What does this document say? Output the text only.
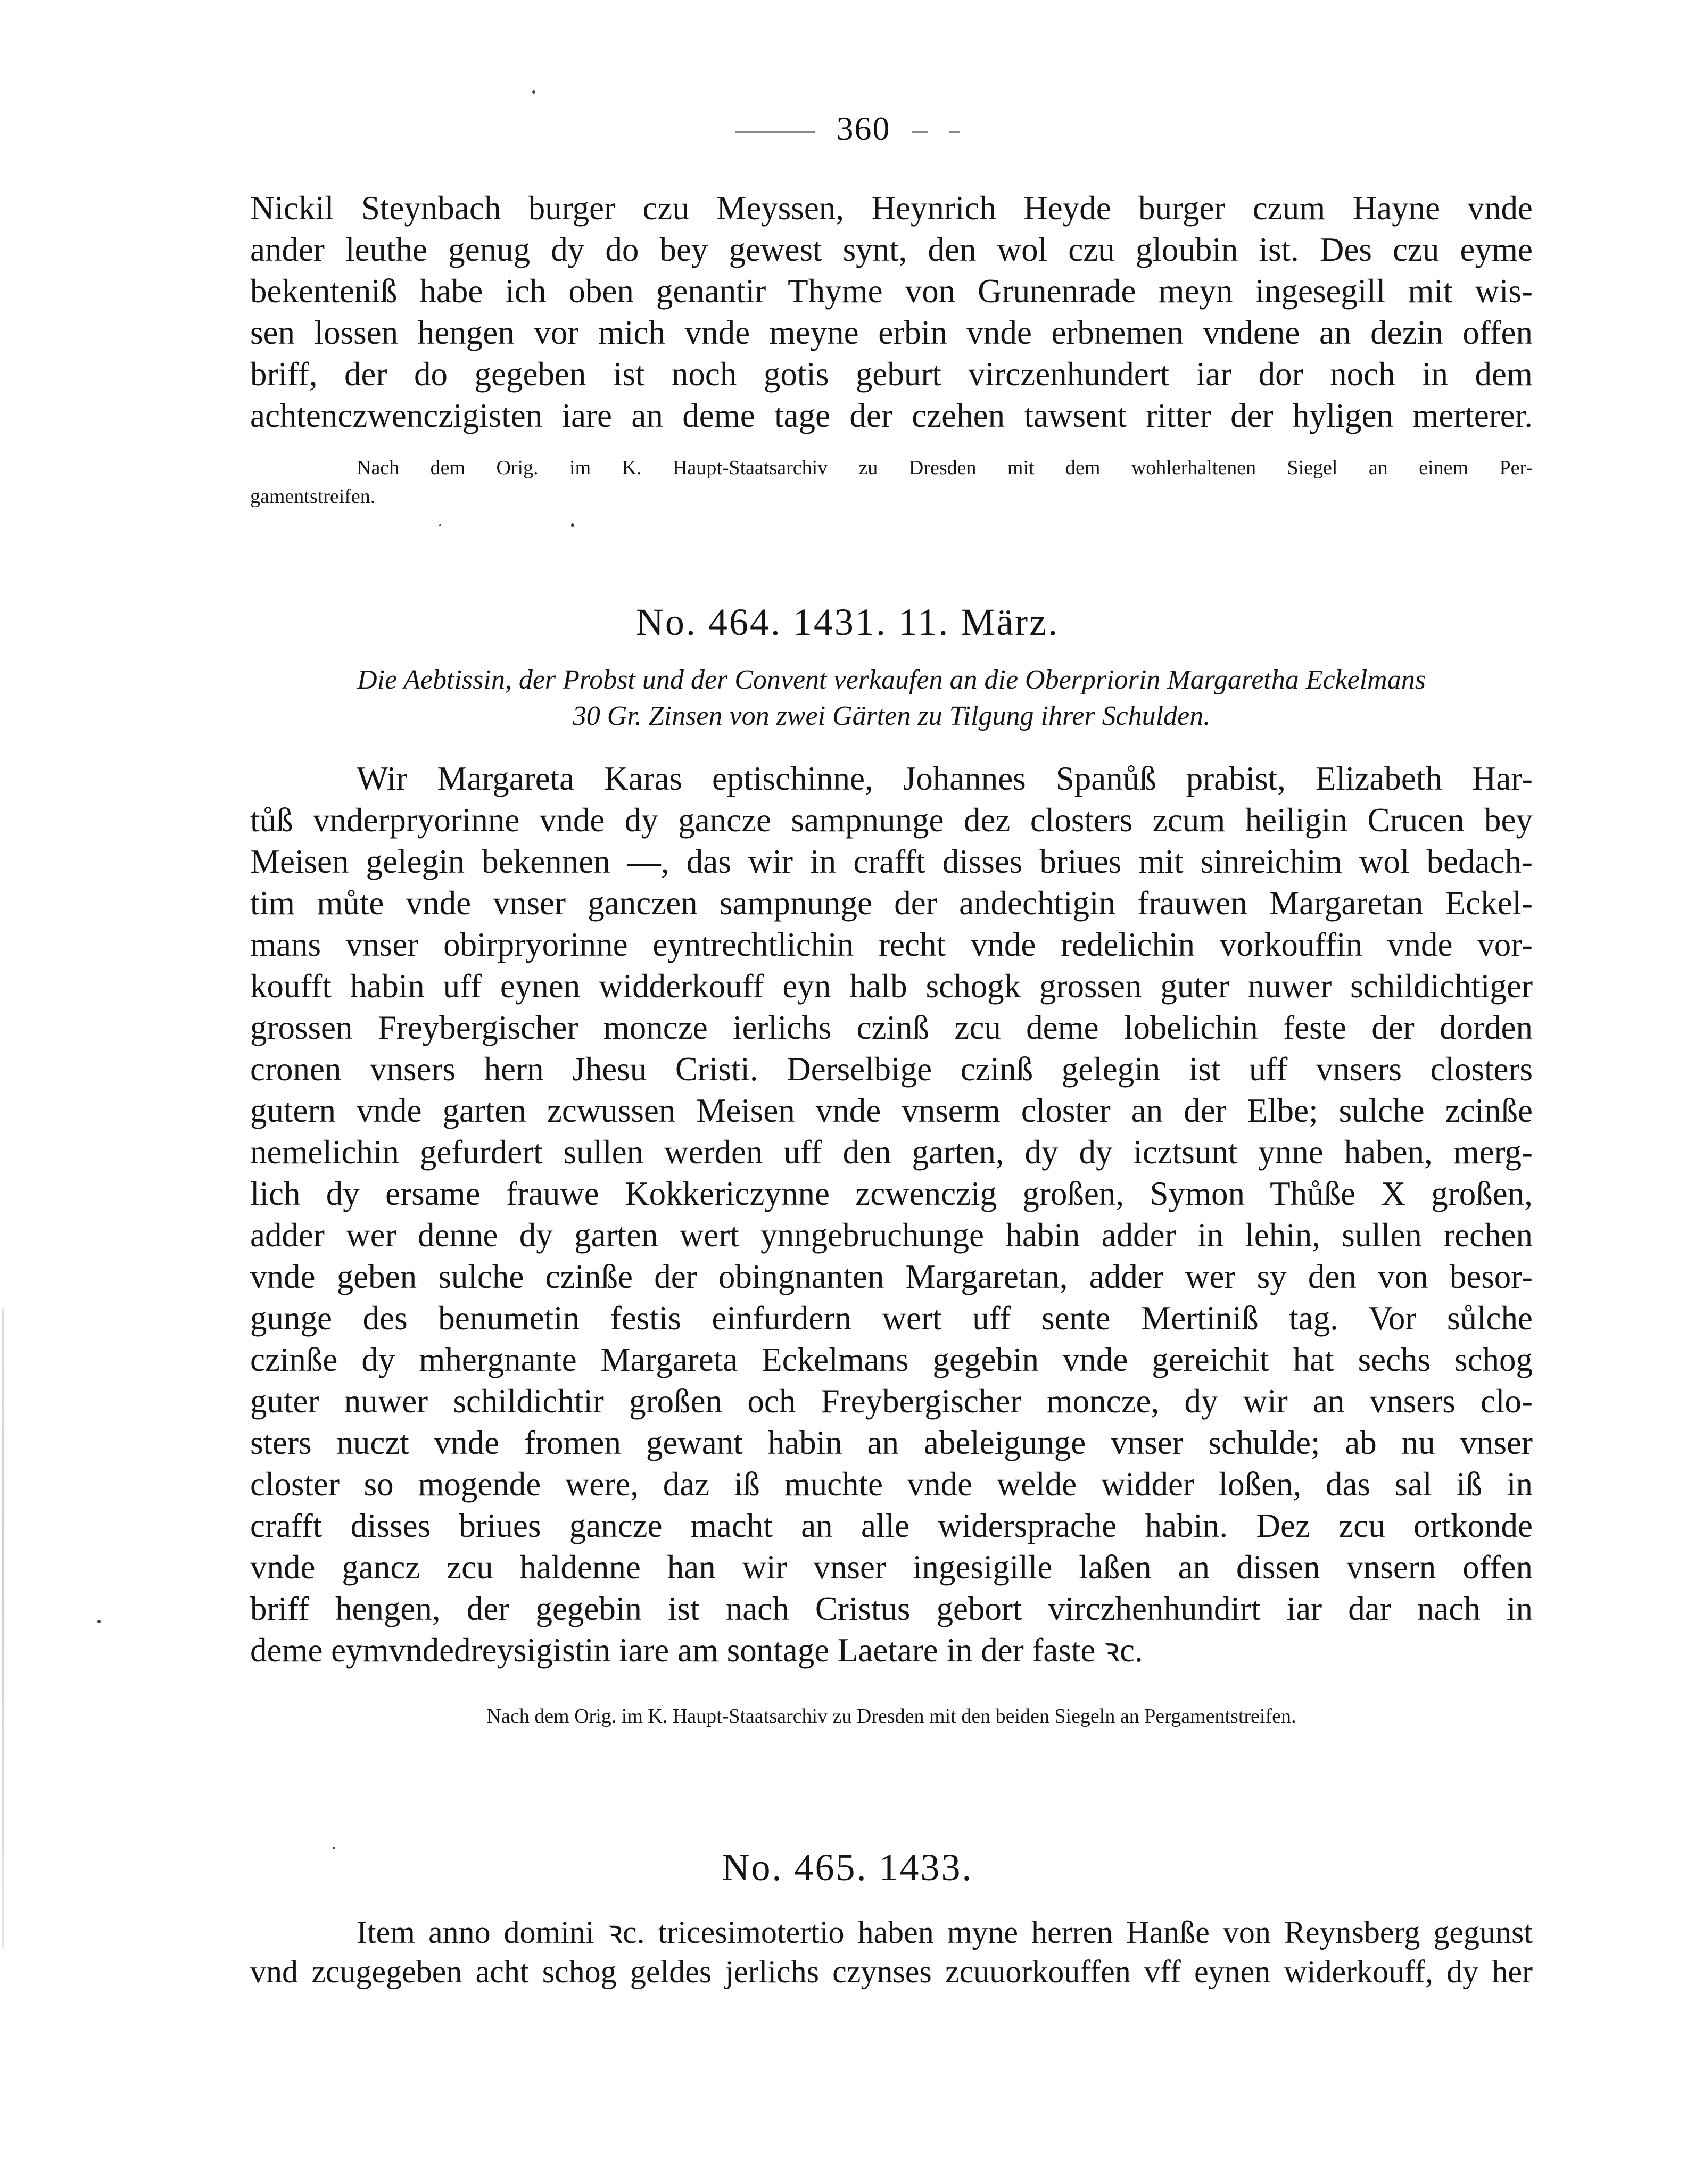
360

Nickil Steynbach burger czu Meyssen, Heynrich Heyde burger czum Hayne vnde
ander leuthe genug dy do bey gewest synt, den wol czu gloubin ist. Des czu eyme
bekenteniß habe ich oben genantir Thyme von Grunenrade meyn ingesegill mit wis-
sen lossen hengen vor mich vnde meyne erbin vnde erbnemen vndene an dezin offen
briff, der do gegeben ist noch gotis geburt virczenhundert iar dor noch in dem
achtenczwenczigisten iare an deme tage der czehen tawsent ritter der hyligen merterer.

Nach dem Orig. im K. Haupt-Staatsarchiv zu Dresden mit dem wohlerhaltenen Siegel an einem Per-
gamentstreifen.

No. 464. 1431. 11. März.

Die Aebtissin, der Probst und der Convent verkaufen an die Oberpriorin Margaretha Eckelmans
30 Gr. Zinsen von zwei Gärten zu Tilgung ihrer Schulden.

Wir Margareta Karas eptischinne, Johannes Spanůß prabist, Elizabeth Har-
tůß vnderpryorinne vnde dy gancze sampnunge dez closters zcum heiligin Crucen bey
Meisen gelegin bekennen —, das wir in crafft disses briues mit sinreichim wol bedach-
tim můte vnde vnser ganczen sampnunge der andechtigin frauwen Margaretan Eckel-
mans vnser obirpryorinne eyntrechtlichin recht vnde redelichin vorkouffin vnde vor-
koufft habin uff eynen widderkouff eyn halb schogk grossen guter nuwer schildichtiger
grossen Freybergischer moncze ierlichs czinß zcu deme lobelichin feste der dorden
cronen vnsers hern Jhesu Cristi. Derselbige czinß gelegin ist uff vnsers closters
gutern vnde garten zcwussen Meisen vnde vnserm closter an der Elbe; sulche zcinße
nemelichin gefurdert sullen werden uff den garten, dy dy icztsunt ynne haben, merg-
lich dy ersame frauwe Kokkericzynne zcwenczig großen, Symon Thůße X großen,
adder wer denne dy garten wert ynngebruchunge habin adder in lehin, sullen rechen
vnde geben sulche czinße der obingnanten Margaretan, adder wer sy den von besor-
gunge des benumetin festis einfurdern wert uff sente Mertiniß tag. Vor sůlche
czinße dy mhergnante Margareta Eckelmans gegebin vnde gereichit hat sechs schog
guter nuwer schildichtir großen och Freybergischer moncze, dy wir an vnsers clo-
sters nuczt vnde fromen gewant habin an abeleigunge vnser schulde; ab nu vnser
closter so mogende were, daz iß muchte vnde welde widder loßen, das sal iß in
crafft disses briues gancze macht an alle widersprache habin. Dez zcu ortkonde
vnde gancz zcu haldenne han wir vnser ingesigille laßen an dissen vnsern offen
briff hengen, der gegebin ist nach Cristus gebort virczhenhundirt iar dar nach in
deme eymvndedreysigistin iare am sontage Laetare in der faste ꝛc.

Nach dem Orig. im K. Haupt-Staatsarchiv zu Dresden mit den beiden Siegeln an Pergamentstreifen.

No. 465. 1433.

Item anno domini ꝛc. tricesimotertio haben myne herren Hanße von Reynsberg gegunst
vnd zcugegeben acht schog geldes jerlichs czynses zcuuorkouffen vff eynen widerkouff, dy her
